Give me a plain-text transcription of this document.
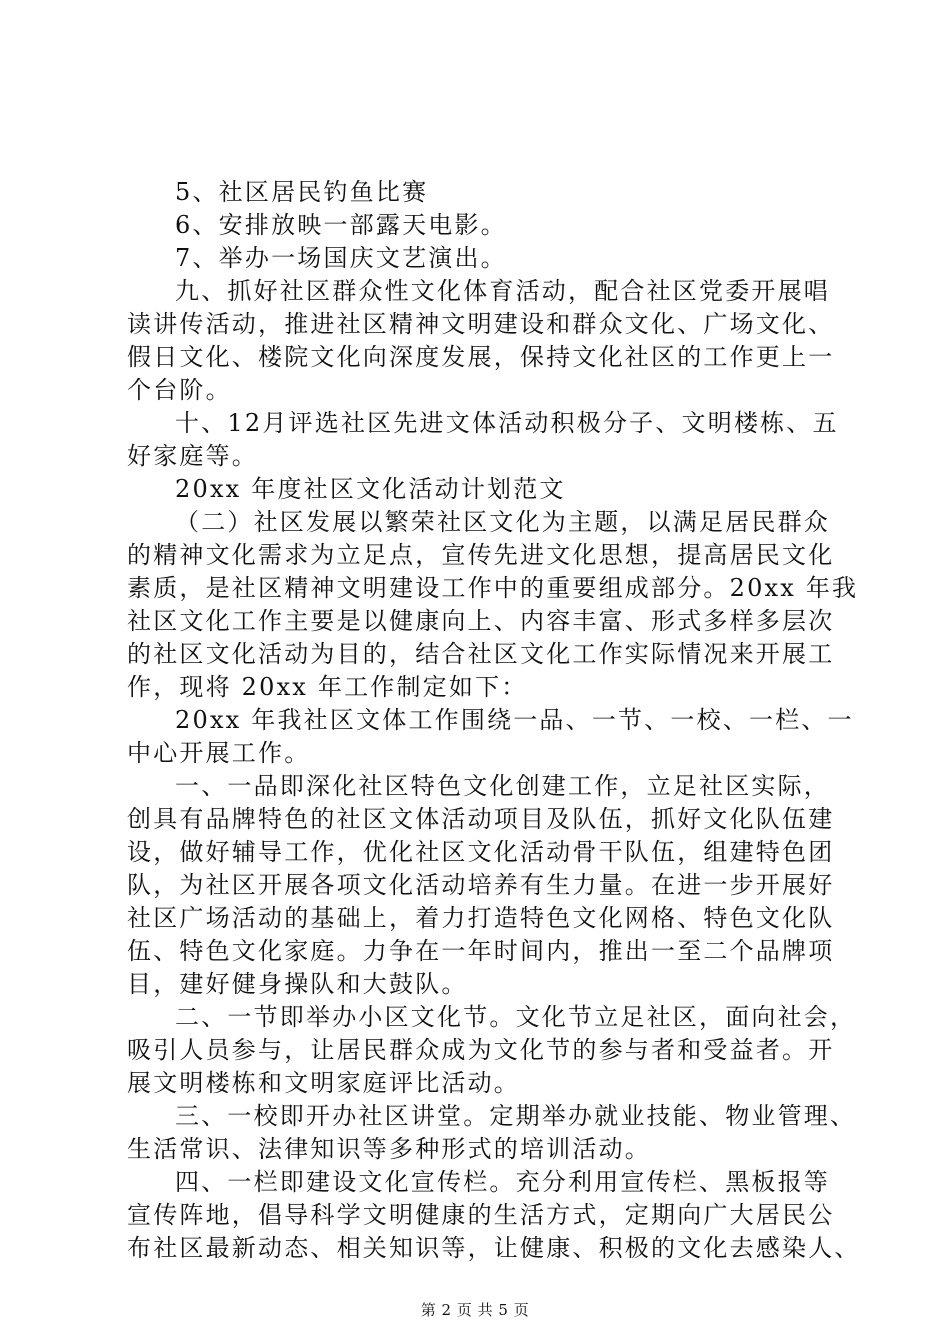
5、社区居民钓鱼比赛
6、安排放映一部露天电影。
7、举办一场国庆文艺演出。
九、抓好社区群众性文化体育活动，配合社区党委开展唱
读讲传活动，推进社区精神文明建设和群众文化、广场文化、
假日文化、楼院文化向深度发展，保持文化社区的工作更上一
个台阶。
十、12月评选社区先进文体活动积极分子、文明楼栋、五
好家庭等。
20xx 年度社区文化活动计划范文
（二）社区发展以繁荣社区文化为主题，以满足居民群众
的精神文化需求为立足点，宣传先进文化思想，提高居民文化
素质，是社区精神文明建设工作中的重要组成部分。20xx 年我
社区文化工作主要是以健康向上、内容丰富、形式多样多层次
的社区文化活动为目的，结合社区文化工作实际情况来开展工
作，现将 20xx 年工作制定如下：
20xx 年我社区文体工作围绕一品、一节、一校、一栏、一
中心开展工作。
一、一品即深化社区特色文化创建工作，立足社区实际，
创具有品牌特色的社区文体活动项目及队伍，抓好文化队伍建
设，做好辅导工作，优化社区文化活动骨干队伍，组建特色团
队，为社区开展各项文化活动培养有生力量。在进一步开展好
社区广场活动的基础上，着力打造特色文化网格、特色文化队
伍、特色文化家庭。力争在一年时间内，推出一至二个品牌项
目，建好健身操队和大鼓队。
二、一节即举办小区文化节。文化节立足社区，面向社会，
吸引人员参与，让居民群众成为文化节的参与者和受益者。开
展文明楼栋和文明家庭评比活动。
三、一校即开办社区讲堂。定期举办就业技能、物业管理、
生活常识、法律知识等多种形式的培训活动。
四、一栏即建设文化宣传栏。充分利用宣传栏、黑板报等
宣传阵地，倡导科学文明健康的生活方式，定期向广大居民公
布社区最新动态、相关知识等，让健康、积极的文化去感染人、
第 2 页 共 5 页
